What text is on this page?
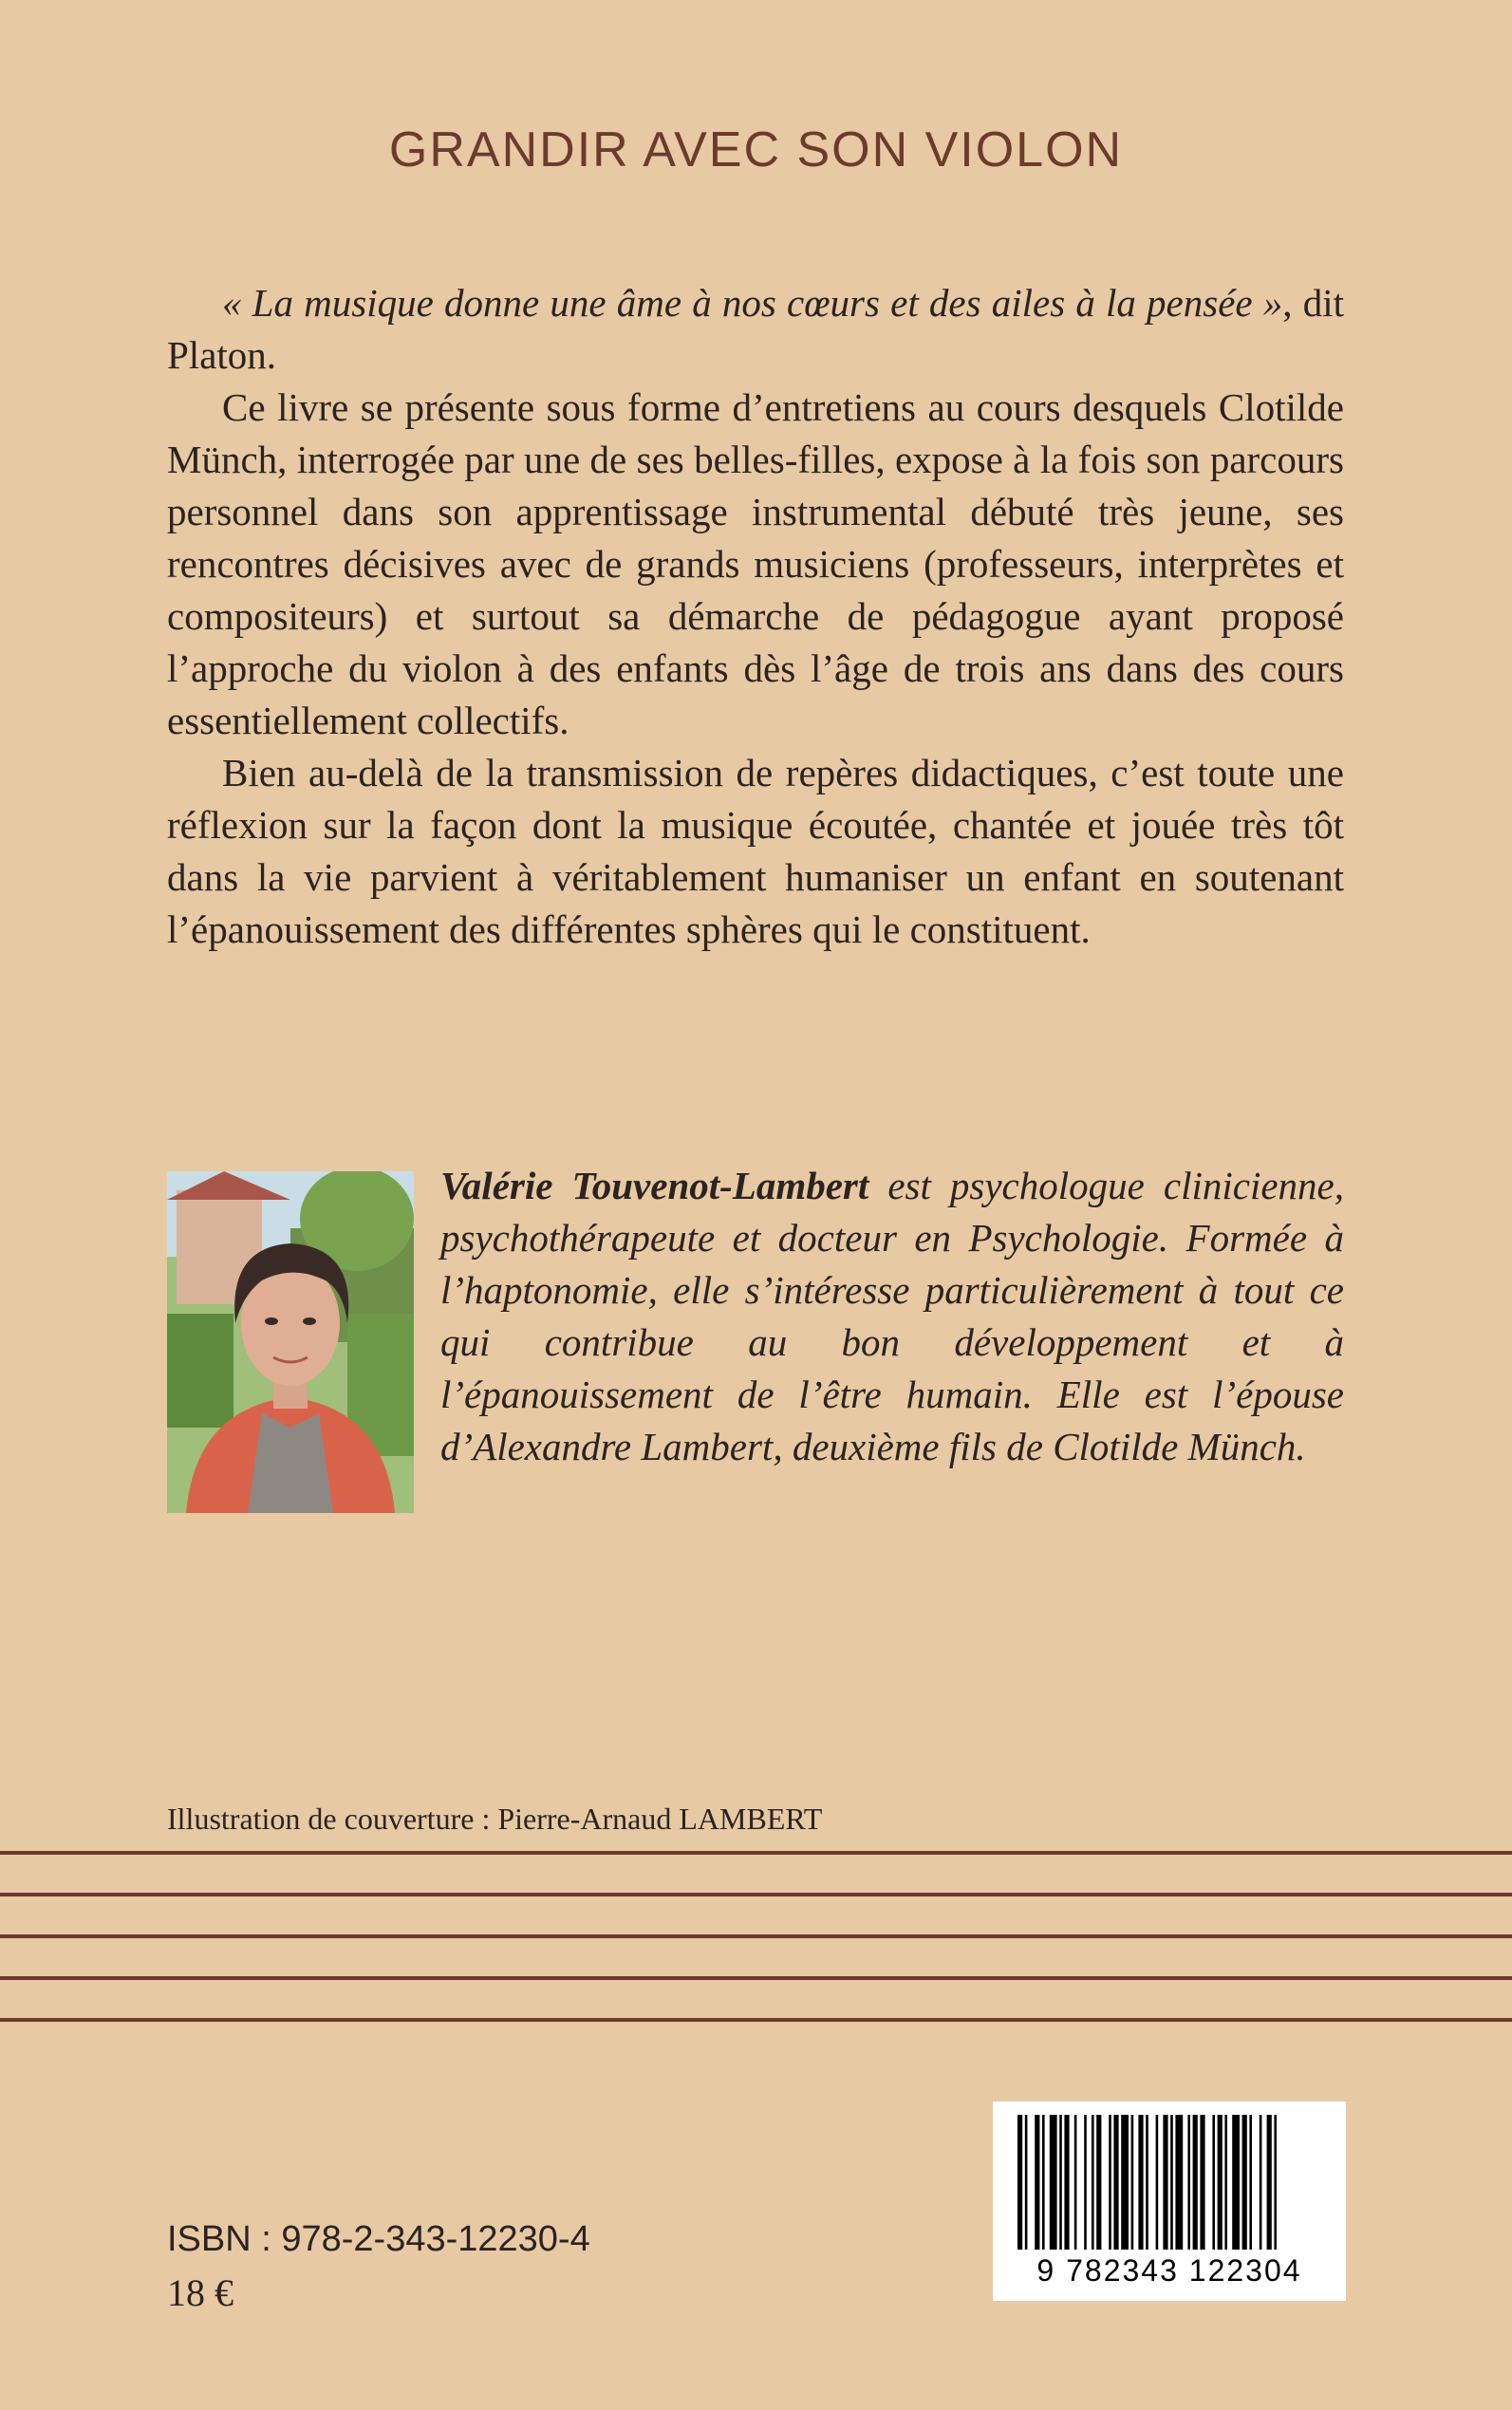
GRANDIR AVEC SON VIOLON

« La musique donne une âme à nos cœurs et des ailes à la pensée », dit Platon.

Ce livre se présente sous forme d’entretiens au cours desquels Clotilde Münch, interrogée par une de ses belles-filles, expose à la fois son parcours personnel dans son apprentissage instrumental débuté très jeune, ses rencontres décisives avec de grands musiciens (professeurs, interprètes et compositeurs) et surtout sa démarche de pédagogue ayant proposé l’approche du violon à des enfants dès l’âge de trois ans dans des cours essentiellement collectifs.

Bien au-delà de la transmission de repères didactiques, c’est toute une réflexion sur la façon dont la musique écoutée, chantée et jouée très tôt dans la vie parvient à véritablement humaniser un enfant en soutenant l’épanouissement des différentes sphères qui le constituent.

Valérie Touvenot-Lambert est psychologue clinicienne, psychothérapeute et docteur en Psychologie. Formée à l’haptonomie, elle s’intéresse particulièrement à tout ce qui contribue au bon développement et à l’épanouissement de l’être humain. Elle est l’épouse d’Alexandre Lambert, deuxième fils de Clotilde Münch.

Illustration de couverture : Pierre-Arnaud LAMBERT
ISBN : 978-2-343-12230-4
18 €
9 782343 122304
